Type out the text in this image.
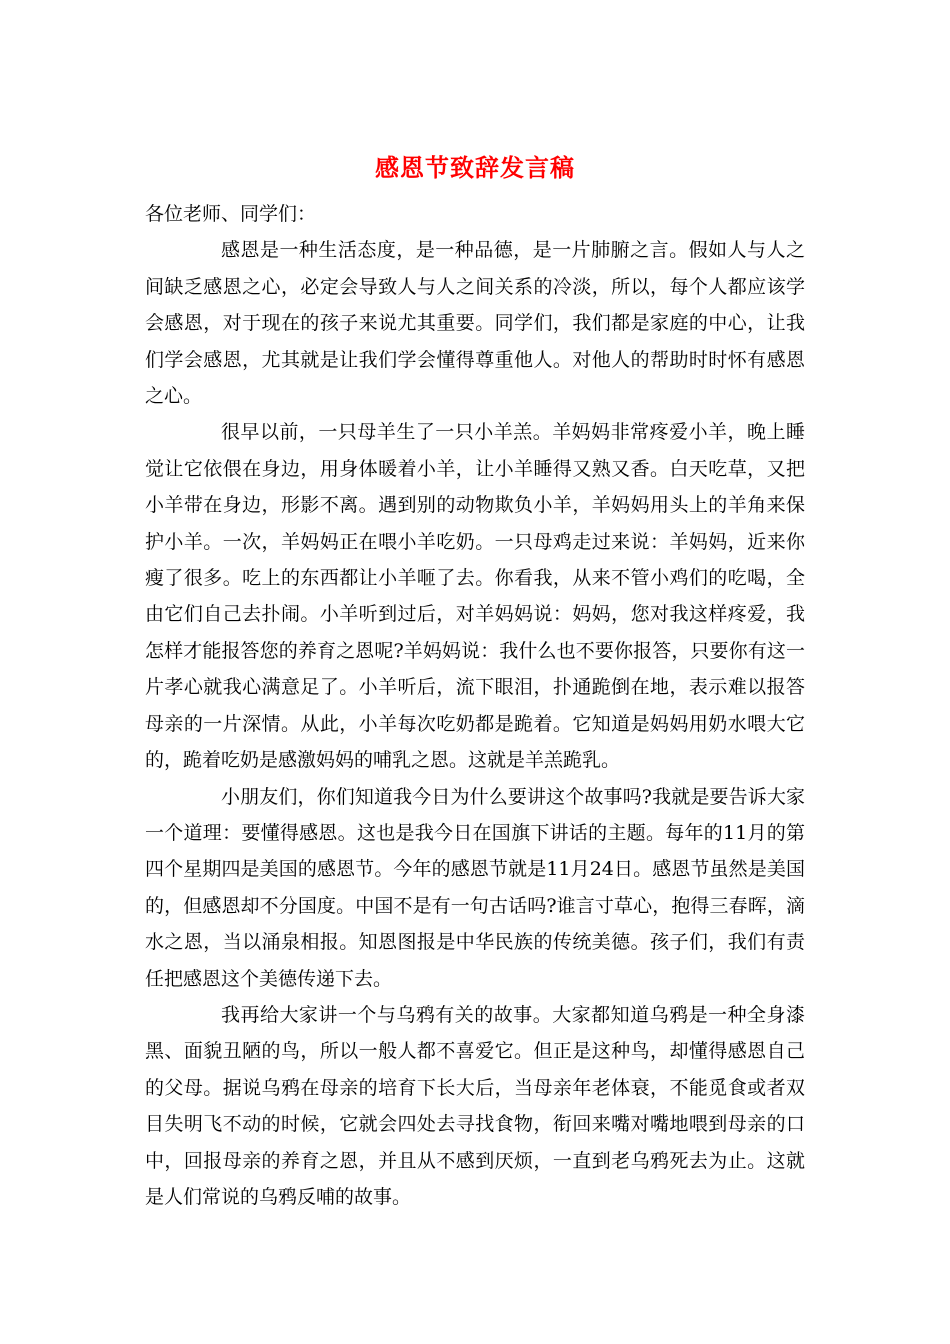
感恩节致辞发言稿

各位老师、同学们：

感恩是一种生活态度，是一种品德，是一片肺腑之言。假如人与人之间缺乏感恩之心，必定会导致人与人之间关系的冷淡，所以，每个人都应该学会感恩，对于现在的孩子来说尤其重要。同学们，我们都是家庭的中心，让我们学会感恩，尤其就是让我们学会懂得尊重他人。对他人的帮助时时怀有感恩之心。

很早以前，一只母羊生了一只小羊羔。羊妈妈非常疼爱小羊，晚上睡觉让它依偎在身边，用身体暖着小羊，让小羊睡得又熟又香。白天吃草，又把小羊带在身边，形影不离。遇到别的动物欺负小羊，羊妈妈用头上的羊角来保护小羊。一次，羊妈妈正在喂小羊吃奶。一只母鸡走过来说：羊妈妈，近来你瘦了很多。吃上的东西都让小羊咂了去。你看我，从来不管小鸡们的吃喝，全由它们自己去扑闹。小羊听到过后，对羊妈妈说：妈妈，您对我这样疼爱，我怎样才能报答您的养育之恩呢?羊妈妈说：我什么也不要你报答，只要你有这一片孝心就我心满意足了。小羊听后，流下眼泪，扑通跪倒在地，表示难以报答母亲的一片深情。从此，小羊每次吃奶都是跪着。它知道是妈妈用奶水喂大它的，跪着吃奶是感激妈妈的哺乳之恩。这就是羊羔跪乳。

小朋友们，你们知道我今日为什么要讲这个故事吗?我就是要告诉大家一个道理：要懂得感恩。这也是我今日在国旗下讲话的主题。每年的11月的第四个星期四是美国的感恩节。今年的感恩节就是11月24日。感恩节虽然是美国的，但感恩却不分国度。中国不是有一句古话吗?谁言寸草心，抱得三春晖，滴水之恩，当以涌泉相报。知恩图报是中华民族的传统美德。孩子们，我们有责任把感恩这个美德传递下去。

我再给大家讲一个与乌鸦有关的故事。大家都知道乌鸦是一种全身漆黑、面貌丑陋的鸟，所以一般人都不喜爱它。但正是这种鸟，却懂得感恩自己的父母。据说乌鸦在母亲的培育下长大后，当母亲年老体衰，不能觅食或者双目失明飞不动的时候，它就会四处去寻找食物，衔回来嘴对嘴地喂到母亲的口中，回报母亲的养育之恩，并且从不感到厌烦，一直到老乌鸦死去为止。这就是人们常说的乌鸦反哺的故事。
